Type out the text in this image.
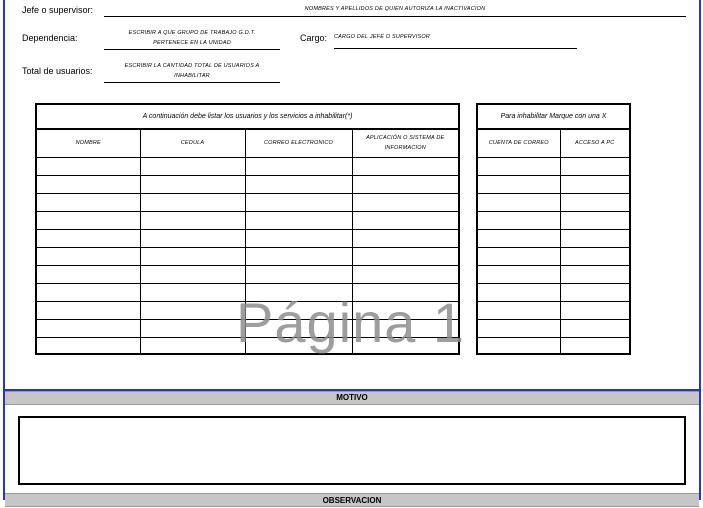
Jefe o supervisor:	NOMBRES Y APELLIDOS DE QUIEN AUTORIZA LA INACTIVACION
Dependencia:	ESCRIBIR A QUE GRUPO DE TRABAJO G.D.T.
PERTENECE EN LA UNIDAD	Cargo: CARGO DEL JEFE O SUPERVISOR
Total de usuarios:	ESCRIBIR LA CANTIDAD TOTAL DE USUARIOS A
INHABILITAR
A continuación debe listar los usuarios y los servicios a inhabilitar(*)
NOMBRE	CEDULA	CORREO ELECTRONICO	APLICACIÓN O SISTEMA DE INFORMACION

Para inhabilitar Marque con una X
CUENTA DE CORREO	ACCESO A PC

Página 1
MOTIVO
OBSERVACION
